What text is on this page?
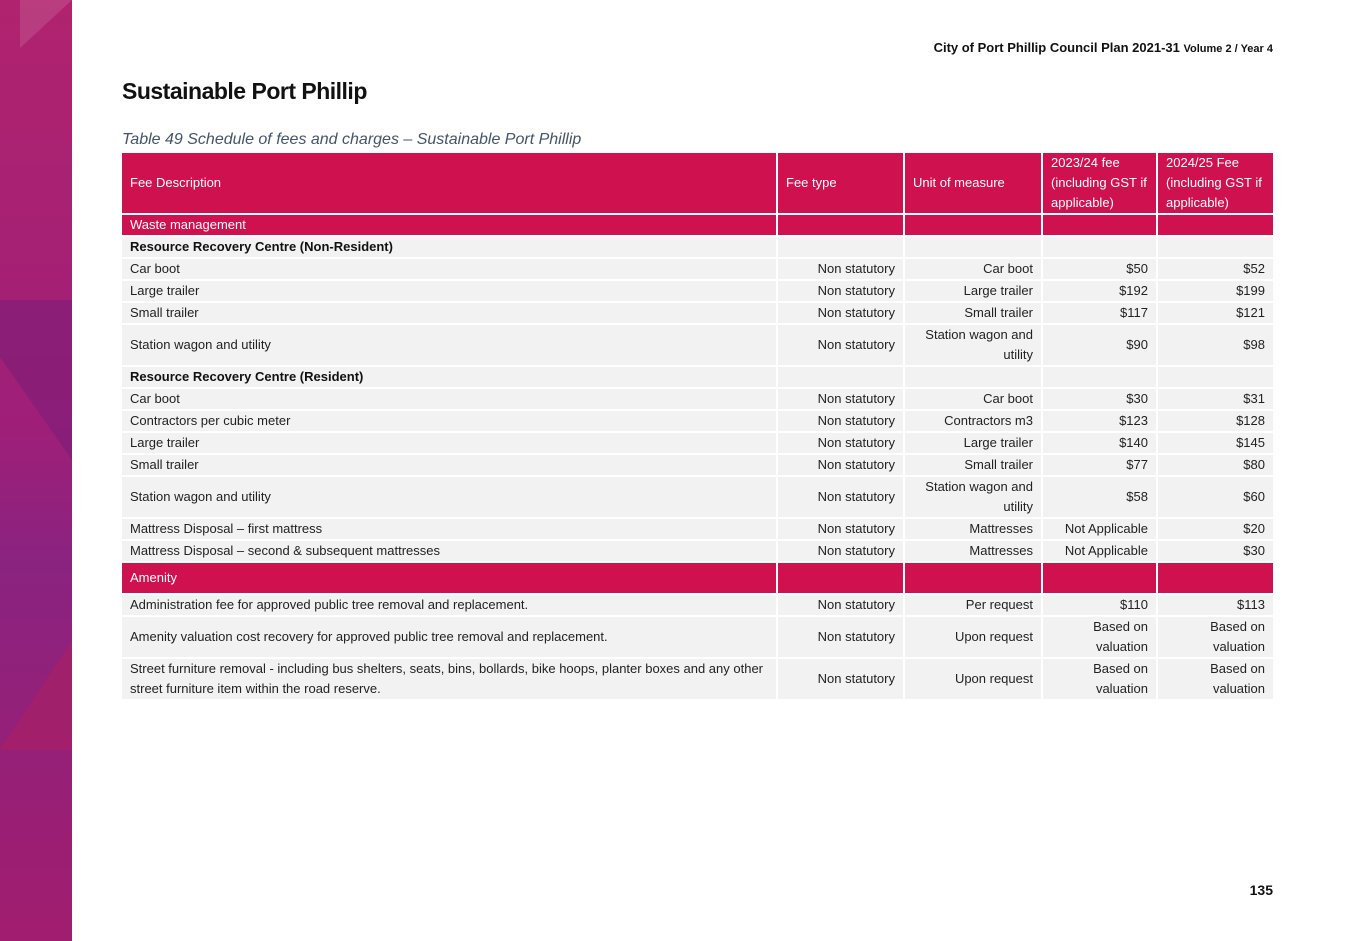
City of Port Phillip Council Plan 2021-31 Volume 2 / Year 4
Sustainable Port Phillip
Table 49 Schedule of fees and charges – Sustainable Port Phillip
Fee Description	Fee type	Unit of measure	2023/24 fee (including GST if applicable)	2024/25 Fee (including GST if applicable)
Waste management				
Resource Recovery Centre (Non-Resident)				
Car boot	Non statutory	Car boot	$50	$52
Large trailer	Non statutory	Large trailer	$192	$199
Small trailer	Non statutory	Small trailer	$117	$121
Station wagon and utility	Non statutory	Station wagon and utility	$90	$98
Resource Recovery Centre (Resident)				
Car boot	Non statutory	Car boot	$30	$31
Contractors per cubic meter	Non statutory	Contractors m3	$123	$128
Large trailer	Non statutory	Large trailer	$140	$145
Small trailer	Non statutory	Small trailer	$77	$80
Station wagon and utility	Non statutory	Station wagon and utility	$58	$60
Mattress Disposal – first mattress	Non statutory	Mattresses	Not Applicable	$20
Mattress Disposal – second & subsequent mattresses	Non statutory	Mattresses	Not Applicable	$30
Amenity				
Administration fee for approved public tree removal and replacement.	Non statutory	Per request	$110	$113
Amenity valuation cost recovery for approved public tree removal and replacement.	Non statutory	Upon request	Based on valuation	Based on valuation
Street furniture removal - including bus shelters, seats, bins, bollards, bike hoops, planter boxes and any other street furniture item within the road reserve.	Non statutory	Upon request	Based on valuation	Based on valuation
135
